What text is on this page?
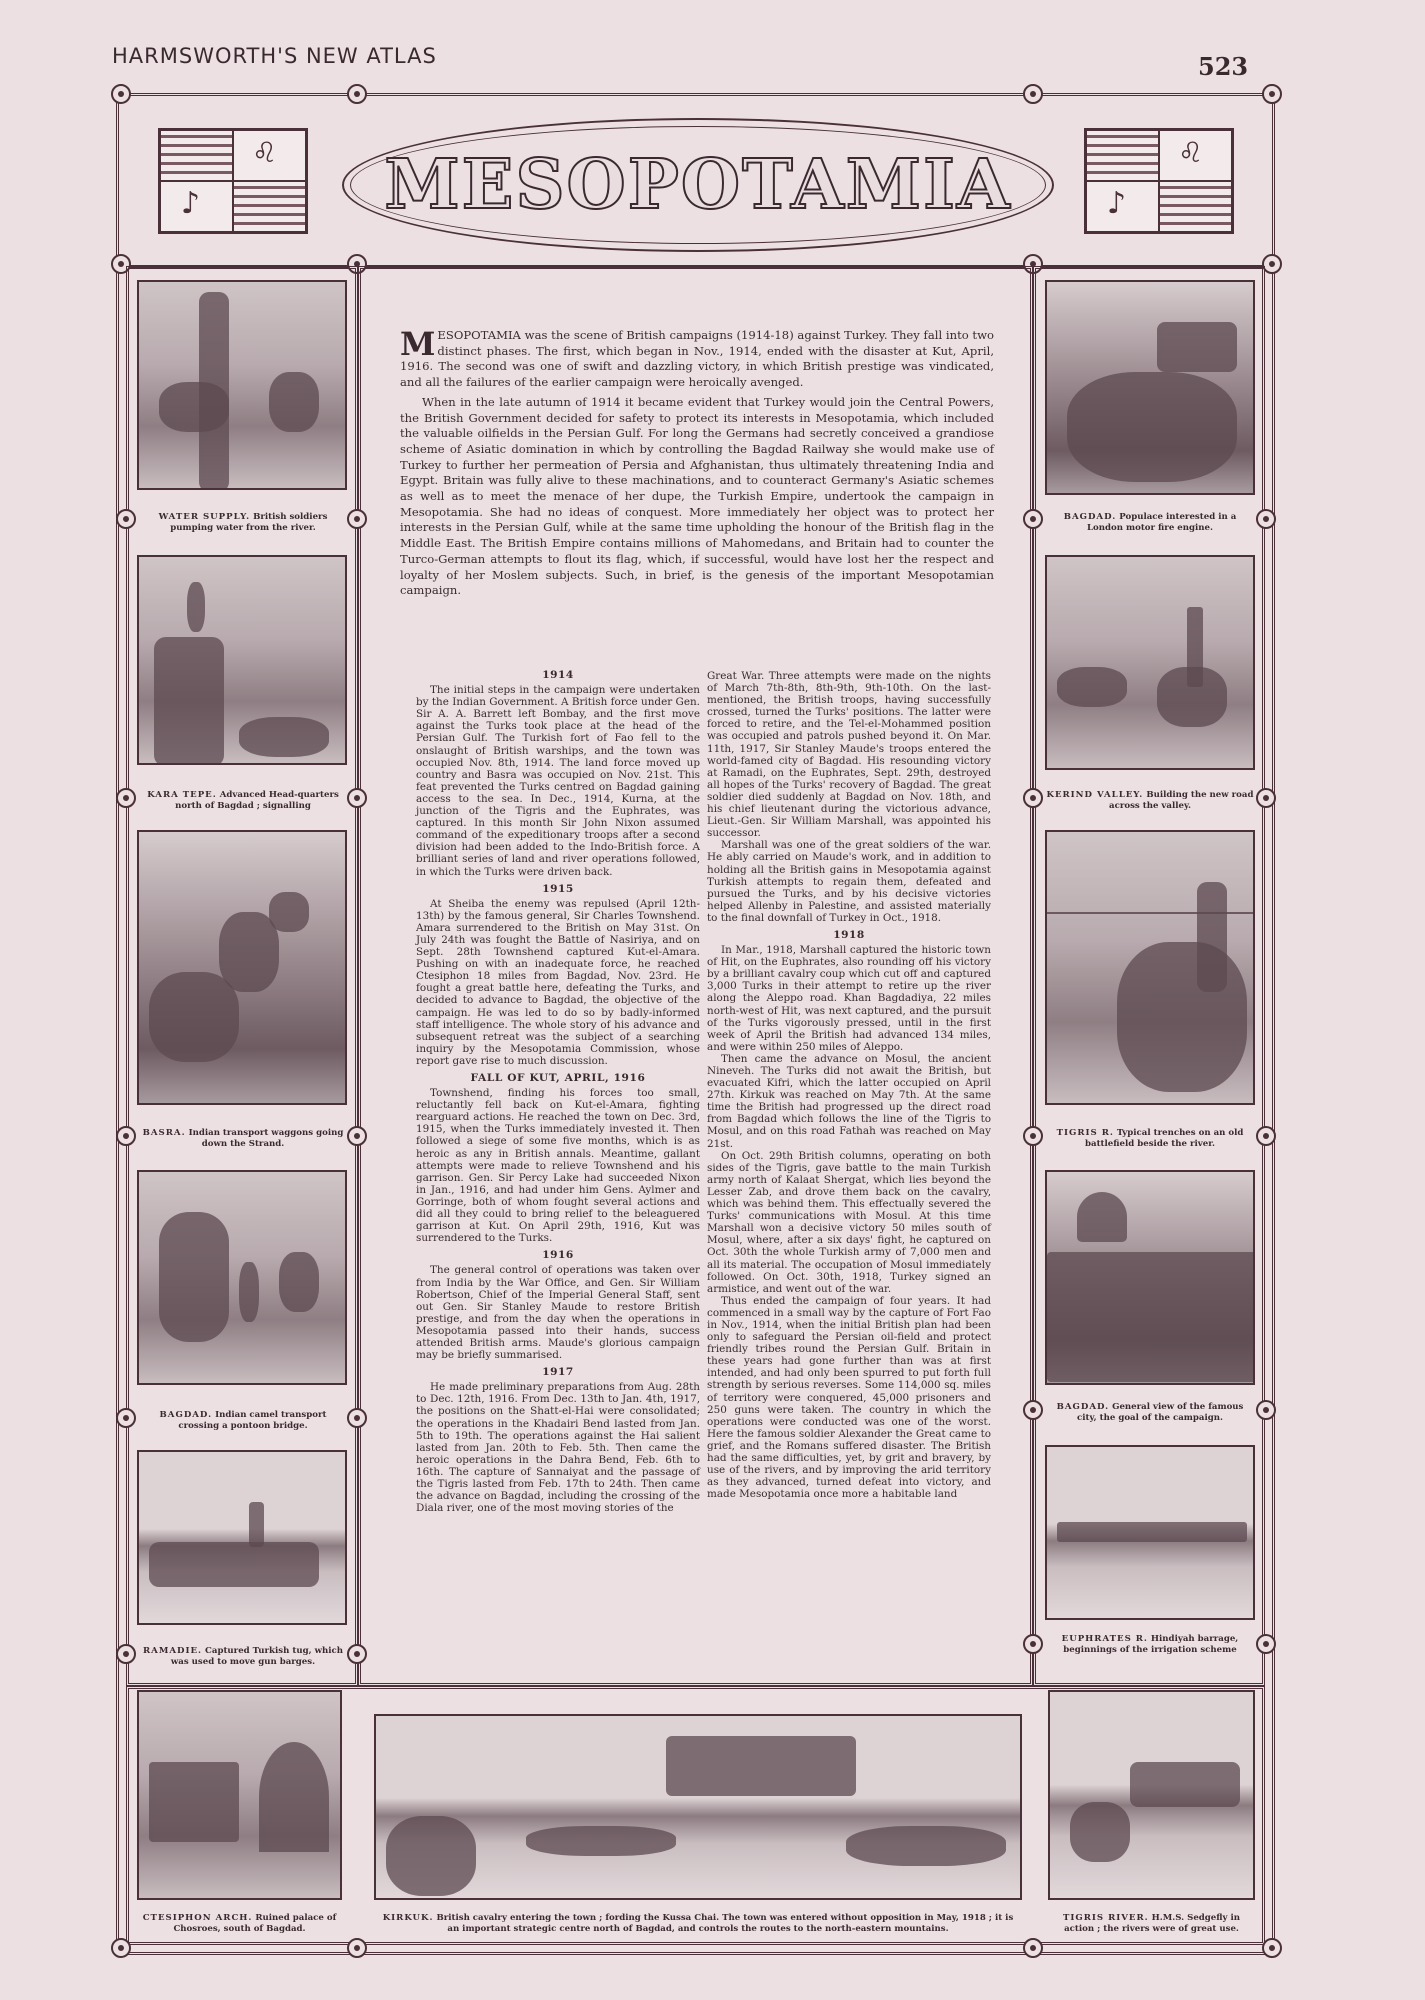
HARMSWORTH'S NEW ATLAS	523
♌
♪
♌
♪
MESOPOTAMIA
WATER SUPPLY. British soldiers pumping water from the river.
KARA TEPE. Advanced Head-quarters north of Bagdad ; signalling
BASRA. Indian transport waggons going down the Strand.
BAGDAD. Indian camel transport crossing a pontoon bridge.
RAMADIE. Captured Turkish tug, which was used to move gun barges.
BAGDAD. Populace interested in a London motor fire engine.
KERIND VALLEY. Building the new road across the valley.
TIGRIS R. Typical trenches on an old battlefield beside the river.
BAGDAD. General view of the famous city, the goal of the campaign.
EUPHRATES R. Hindiyah barrage, beginnings of the irrigation scheme
CTESIPHON ARCH. Ruined palace of Chosroes, south of Bagdad.
KIRKUK. British cavalry entering the town ; fording the Kussa Chai. The town was entered without opposition in May, 1918 ; it is an important strategic centre north of Bagdad, and controls the routes to the north-eastern mountains.
TIGRIS RIVER. H.M.S. Sedgefly in action ; the rivers were of great use.

MESOPOTAMIA was the scene of British campaigns (1914-18) against Turkey. They fall into two distinct phases. The first, which began in Nov., 1914, ended with the disaster at Kut, April, 1916. The second was one of swift and dazzling victory, in which British prestige was vindicated, and all the failures of the earlier campaign were heroically avenged.

When in the late autumn of 1914 it became evident that Turkey would join the Central Powers, the British Government decided for safety to protect its interests in Mesopotamia, which included the valuable oilfields in the Persian Gulf. For long the Germans had secretly conceived a grandiose scheme of Asiatic domination in which by controlling the Bagdad Railway she would make use of Turkey to further her permeation of Persia and Afghanistan, thus ultimately threatening India and Egypt. Britain was fully alive to these machinations, and to counteract Germany's Asiatic schemes as well as to meet the menace of her dupe, the Turkish Empire, undertook the campaign in Mesopotamia. She had no ideas of conquest. More immediately her object was to protect her interests in the Persian Gulf, while at the same time upholding the honour of the British flag in the Middle East. The British Empire contains millions of Mahomedans, and Britain had to counter the Turco-German attempts to flout its flag, which, if successful, would have lost her the respect and loyalty of her Moslem subjects. Such, in brief, is the genesis of the important Mesopotamian campaign.

1914

The initial steps in the campaign were undertaken by the Indian Government. A British force under Gen. Sir A. A. Barrett left Bombay, and the first move against the Turks took place at the head of the Persian Gulf. The Turkish fort of Fao fell to the onslaught of British warships, and the town was occupied Nov. 8th, 1914. The land force moved up country and Basra was occupied on Nov. 21st. This feat prevented the Turks centred on Bagdad gaining access to the sea. In Dec., 1914, Kurna, at the junction of the Tigris and the Euphrates, was captured. In this month Sir John Nixon assumed command of the expeditionary troops after a second division had been added to the Indo-British force. A brilliant series of land and river operations followed, in which the Turks were driven back.

1915

At Sheiba the enemy was repulsed (April 12th-13th) by the famous general, Sir Charles Townshend. Amara surrendered to the British on May 31st. On July 24th was fought the Battle of Nasiriya, and on Sept. 28th Townshend captured Kut-el-Amara. Pushing on with an inadequate force, he reached Ctesiphon 18 miles from Bagdad, Nov. 23rd. He fought a great battle here, defeating the Turks, and decided to advance to Bagdad, the objective of the campaign. He was led to do so by badly-informed staff intelligence. The whole story of his advance and subsequent retreat was the subject of a searching inquiry by the Mesopotamia Commission, whose report gave rise to much discussion.

FALL OF KUT, APRIL, 1916

Townshend, finding his forces too small, reluctantly fell back on Kut-el-Amara, fighting rearguard actions. He reached the town on Dec. 3rd, 1915, when the Turks immediately invested it. Then followed a siege of some five months, which is as heroic as any in British annals. Meantime, gallant attempts were made to relieve Townshend and his garrison. Gen. Sir Percy Lake had succeeded Nixon in Jan., 1916, and had under him Gens. Aylmer and Gorringe, both of whom fought several actions and did all they could to bring relief to the beleaguered garrison at Kut. On April 29th, 1916, Kut was surrendered to the Turks.

1916

The general control of operations was taken over from India by the War Office, and Gen. Sir William Robertson, Chief of the Imperial General Staff, sent out Gen. Sir Stanley Maude to restore British prestige, and from the day when the operations in Mesopotamia passed into their hands, success attended British arms. Maude's glorious campaign may be briefly summarised.

1917

He made preliminary preparations from Aug. 28th to Dec. 12th, 1916. From Dec. 13th to Jan. 4th, 1917, the positions on the Shatt-el-Hai were consolidated; the operations in the Khadairi Bend lasted from Jan. 5th to 19th. The operations against the Hai salient lasted from Jan. 20th to Feb. 5th. Then came the heroic operations in the Dahra Bend, Feb. 6th to 16th. The capture of Sannaiyat and the passage of the Tigris lasted from Feb. 17th to 24th. Then came the advance on Bagdad, including the crossing of the Diala river, one of the most moving stories of the

Great War. Three attempts were made on the nights of March 7th-8th, 8th-9th, 9th-10th. On the last-mentioned, the British troops, having successfully crossed, turned the Turks' positions. The latter were forced to retire, and the Tel-el-Mohammed position was occupied and patrols pushed beyond it. On Mar. 11th, 1917, Sir Stanley Maude's troops entered the world-famed city of Bagdad. His resounding victory at Ramadi, on the Euphrates, Sept. 29th, destroyed all hopes of the Turks' recovery of Bagdad. The great soldier died suddenly at Bagdad on Nov. 18th, and his chief lieutenant during the victorious advance, Lieut.-Gen. Sir William Marshall, was appointed his successor.

Marshall was one of the great soldiers of the war. He ably carried on Maude's work, and in addition to holding all the British gains in Mesopotamia against Turkish attempts to regain them, defeated and pursued the Turks, and by his decisive victories helped Allenby in Palestine, and assisted materially to the final downfall of Turkey in Oct., 1918.

1918

In Mar., 1918, Marshall captured the historic town of Hit, on the Euphrates, also rounding off his victory by a brilliant cavalry coup which cut off and captured 3,000 Turks in their attempt to retire up the river along the Aleppo road. Khan Bagdadiya, 22 miles north-west of Hit, was next captured, and the pursuit of the Turks vigorously pressed, until in the first week of April the British had advanced 134 miles, and were within 250 miles of Aleppo.

Then came the advance on Mosul, the ancient Nineveh. The Turks did not await the British, but evacuated Kifri, which the latter occupied on April 27th. Kirkuk was reached on May 7th. At the same time the British had progressed up the direct road from Bagdad which follows the line of the Tigris to Mosul, and on this road Fathah was reached on May 21st.

On Oct. 29th British columns, operating on both sides of the Tigris, gave battle to the main Turkish army north of Kalaat Shergat, which lies beyond the Lesser Zab, and drove them back on the cavalry, which was behind them. This effectually severed the Turks' communications with Mosul. At this time Marshall won a decisive victory 50 miles south of Mosul, where, after a six days' fight, he captured on Oct. 30th the whole Turkish army of 7,000 men and all its material. The occupation of Mosul immediately followed. On Oct. 30th, 1918, Turkey signed an armistice, and went out of the war.

Thus ended the campaign of four years. It had commenced in a small way by the capture of Fort Fao in Nov., 1914, when the initial British plan had been only to safeguard the Persian oil-field and protect friendly tribes round the Persian Gulf. Britain in these years had gone further than was at first intended, and had only been spurred to put forth full strength by serious reverses. Some 114,000 sq. miles of territory were conquered, 45,000 prisoners and 250 guns were taken. The country in which the operations were conducted was one of the worst. Here the famous soldier Alexander the Great came to grief, and the Romans suffered disaster. The British had the same difficulties, yet, by grit and bravery, by use of the rivers, and by improving the arid territory as they advanced, turned defeat into victory, and made Mesopotamia once more a habitable land
